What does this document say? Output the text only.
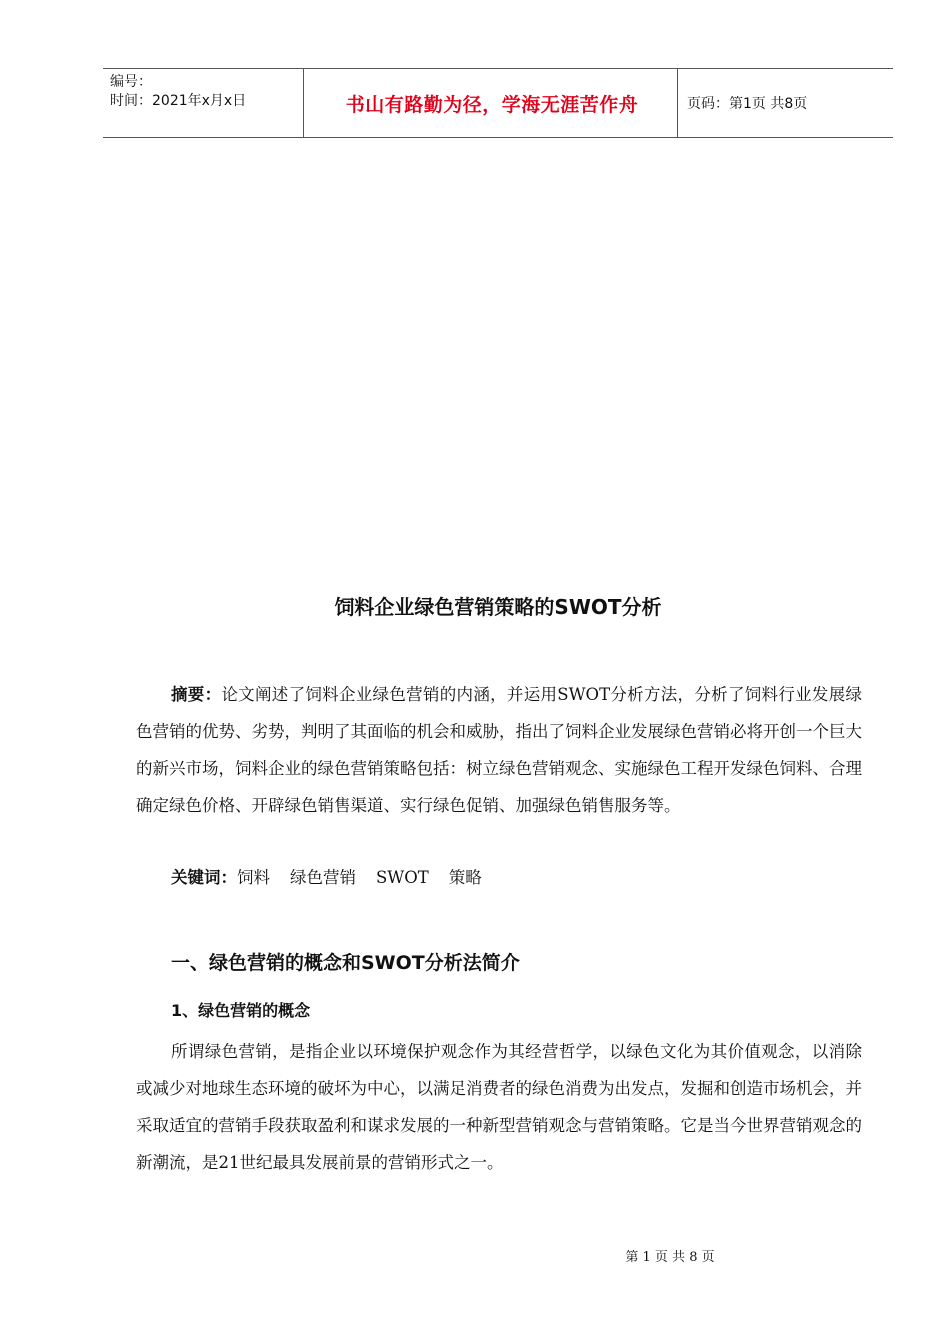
编号：
时间：2021年x月x日	书山有路勤为径，学海无涯苦作舟	页码：第1页 共8页
饲料企业绿色营销策略的SWOT分析

摘要：论文阐述了饲料企业绿色营销的内涵，并运用SWOT分析方法，分析了饲料行业发展绿色营销的优势、劣势，判明了其面临的机会和威胁，指出了饲料企业发展绿色营销必将开创一个巨大的新兴市场，饲料企业的绿色营销策略包括：树立绿色营销观念、实施绿色工程开发绿色饲料、合理确定绿色价格、开辟绿色销售渠道、实行绿色促销、加强绿色销售服务等。

关键词：饲料 绿色营销 SWOT 策略
一、绿色营销的概念和SWOT分析法简介
1、绿色营销的概念

所谓绿色营销，是指企业以环境保护观念作为其经营哲学，以绿色文化为其价值观念，以消除或减少对地球生态环境的破坏为中心，以满足消费者的绿色消费为出发点，发掘和创造市场机会，并采取适宜的营销手段获取盈利和谋求发展的一种新型营销观念与营销策略。它是当今世界营销观念的新潮流，是21世纪最具发展前景的营销形式之一。

第 1 页 共 8 页
